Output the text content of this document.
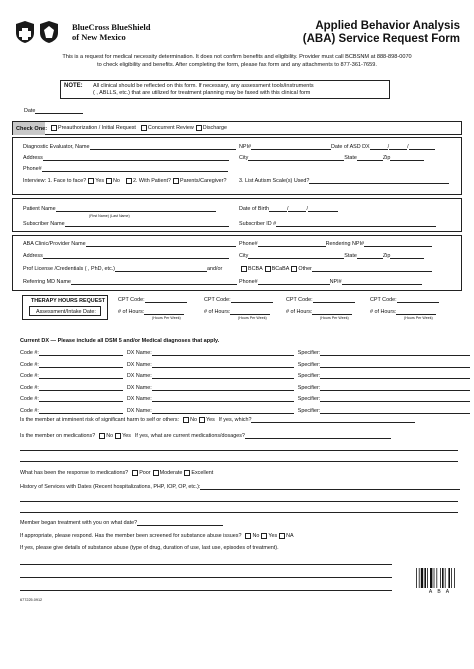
BlueCross BlueShield
of New Mexico
Applied Behavior Analysis
(ABA) Service Request Form
This is a request for medical necessity determination. It does not confirm benefits and eligibility. Provider must call BCBSNM at 888-898-0070
to check eligibility and benefits. After completing the form, please fax form and any attachments to 877-361-7659.
NOTE: All clinical should be reflected on this form. If necessary, any assessment tools/instruments
( , ABLLS, etc.) that are utilized for treatment planning may be faxed with this clinical form
Date
Check One: Preauthorization / Initial Request Concurrent Review Discharge
Diagnostic Evaluator, Name	NPI#	Date of ASD DX	/	/
Address	City	State	Zip
Phone#
Interview: 1. Face to face? Yes No 2. With Patient? Parents/Caregiver? 3. List Autism Scale(s) Used?
Patient Name
(First Name) (Last Name)
Date of Birth	/	/
Subscriber Name	Subscriber ID #
ABA Clinic/Provider Name	Phone#	Rendering NPI#
Address	City	State	Zip
Prof License /Credentials ( , PhD, etc.)	and/or	BCBA BCaBA Other
Referring MD Name	Phone#	NPI#
THERAPY HOURS REQUEST
Assessment/Intake Date:
CPT Code:
# of Hours:
(Hours Per Week)
CPT Code:
# of Hours:
(Hours Per Week)
CPT Code:
# of Hours:
(Hours Per Week)
CPT Code:
# of Hours:
(Hours Per Week)
Current DX — Please include all DSM 5 and/or Medical diagnoses that apply.
Code #:	DX Name:	Specifier:
Code #:	DX Name:	Specifier:
Code #:	DX Name:	Specifier:
Code #:	DX Name:	Specifier:
Code #:	DX Name:	Specifier:
Code #:	DX Name:	Specifier:
Is the member at imminent risk of significant harm to self or others: No Yes If yes, which?
Is the member on medications? No Yes If yes, what are current medications/dosages?
What has been the response to medications? Poor Moderate Excellent
History of Services with Dates (Recent hospitalizations, PHP, IOP, OP, etc.):
Member began treatment with you on what date?
If appropriate, please respond. Has the member been screened for substance abuse issues? No Yes NA
If yes, please give details of substance abuse (type of drug, duration of use, last use, episodes of treatment).
A B A
677225.0912
